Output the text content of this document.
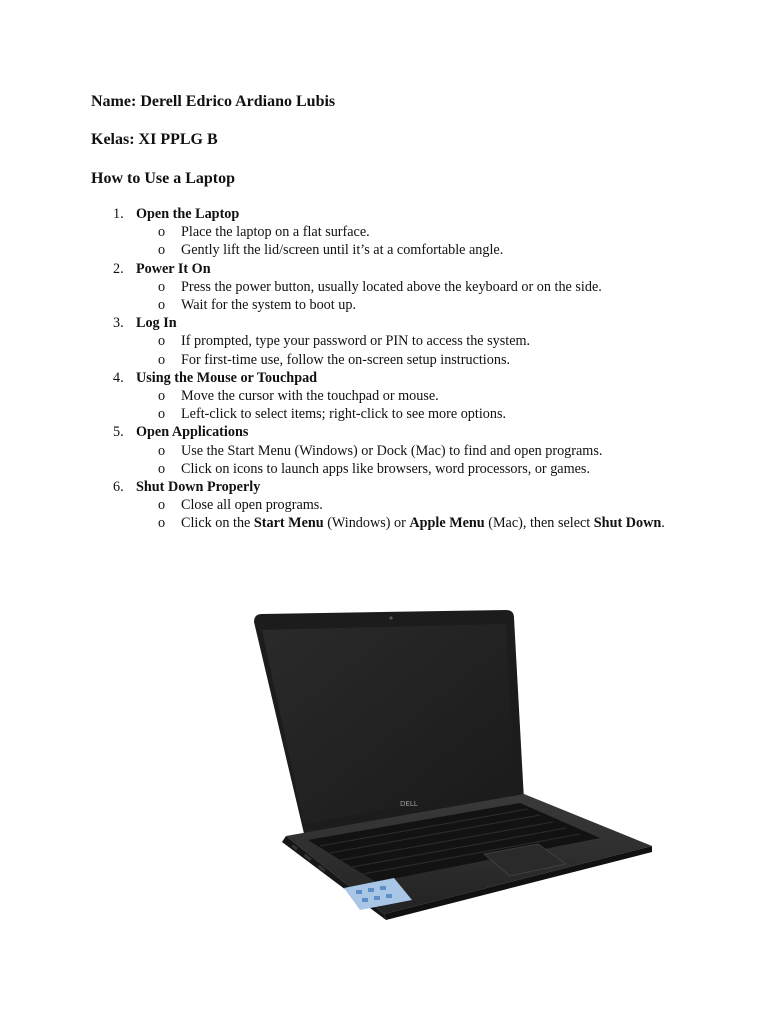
Name: Derell Edrico Ardiano Lubis

Kelas: XI PPLG B

How to Use a Laptop

1. Open the Laptop
o Place the laptop on a flat surface.
o Gently lift the lid/screen until it’s at a comfortable angle.
2. Power It On
o Press the power button, usually located above the keyboard or on the side.
o Wait for the system to boot up.
3. Log In
o If prompted, type your password or PIN to access the system.
o For first-time use, follow the on-screen setup instructions.
4. Using the Mouse or Touchpad
o Move the cursor with the touchpad or mouse.
o Left-click to select items; right-click to see more options.
5. Open Applications
o Use the Start Menu (Windows) or Dock (Mac) to find and open programs.
o Click on icons to launch apps like browsers, word processors, or games.
6. Shut Down Properly
o Close all open programs.
o Click on the Start Menu (Windows) or Apple Menu (Mac), then select Shut Down.
DELL
